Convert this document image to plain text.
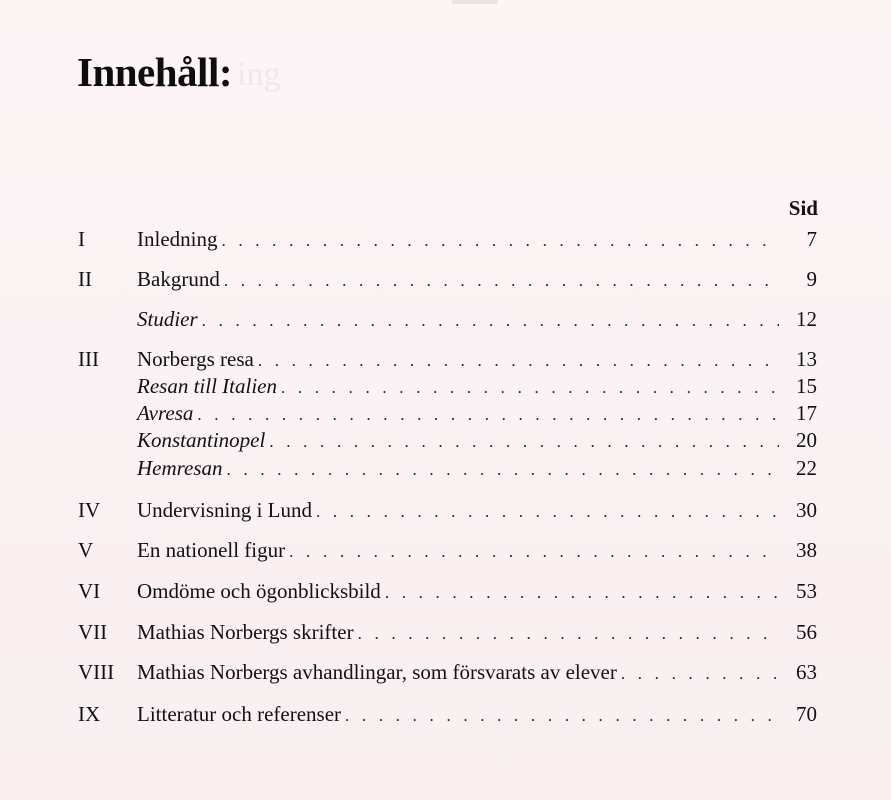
Innehåll: ing
Sid
I Inledning . . .	7
II Bakgrund . . .	9
Studier . . .	12
III Norbergs resa . . .	13
Resan till Italien . . .	15
Avresa . . .	17
Konstantinopel . . .	20
Hemresan . . .	22
IV Undervisning i Lund . . .	30
V En nationell figur . . .	38
VI Omdöme och ögonblicksbild . . .	53
VII Mathias Norbergs skrifter . . .	56
VIII Mathias Norbergs avhandlingar, som försvarats av elever . . .	63
IX Litteratur och referenser . . .	70
